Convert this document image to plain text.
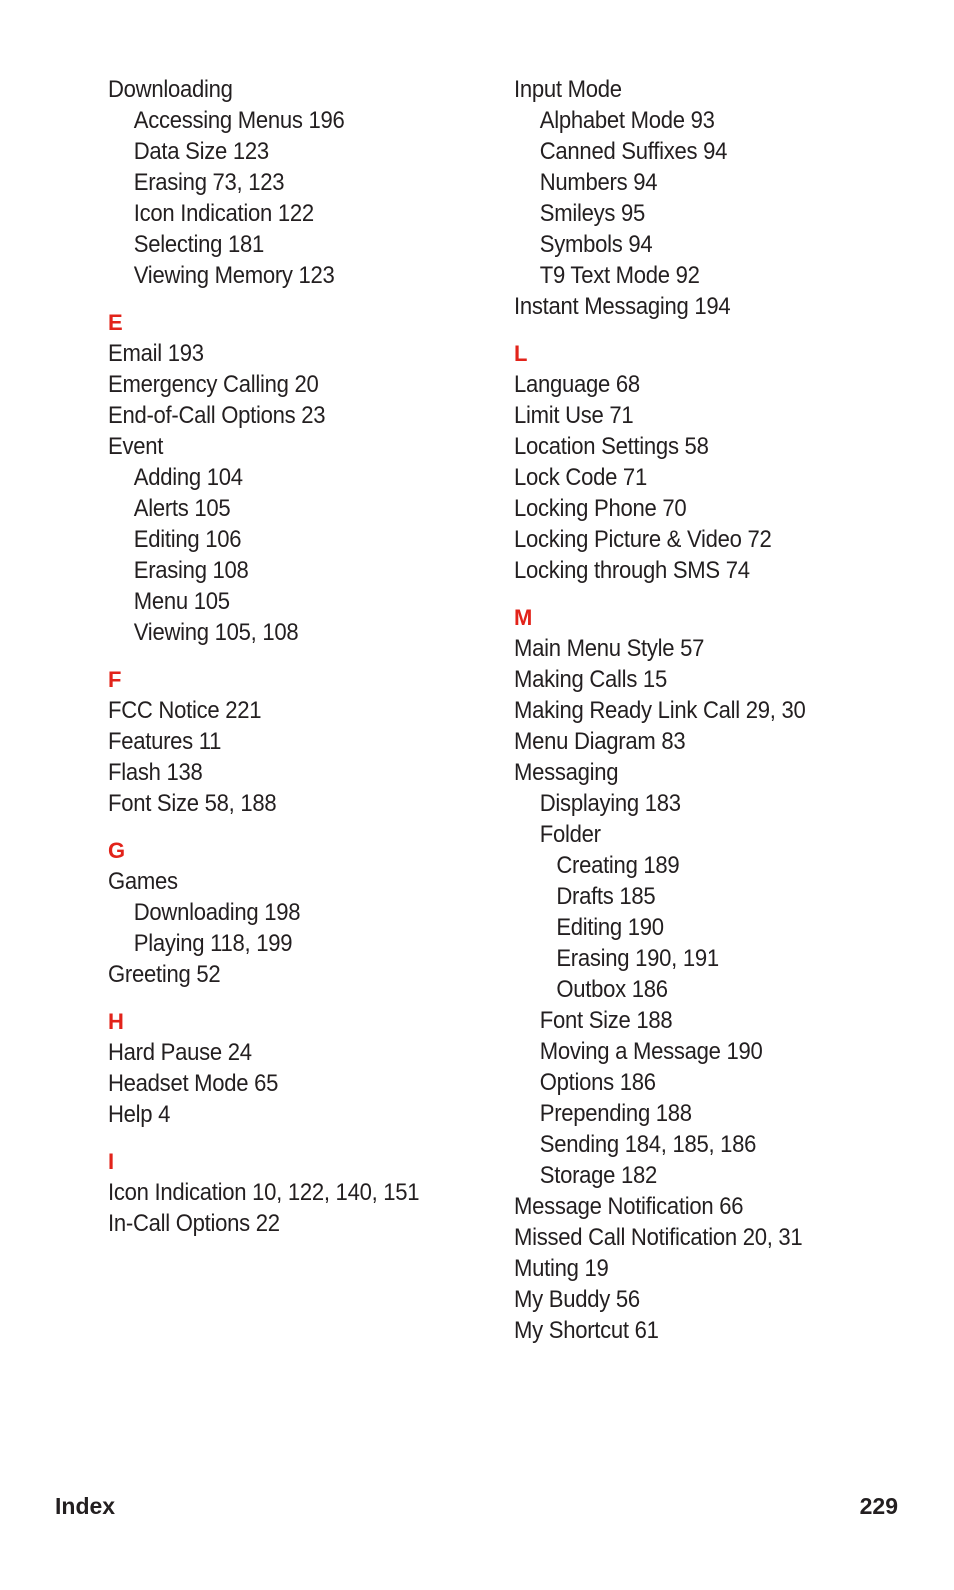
Downloading
Accessing Menus 196
Data Size 123
Erasing 73, 123
Icon Indication 122
Selecting 181
Viewing Memory 123
E
Email 193
Emergency Calling 20
End-of-Call Options 23
Event
Adding 104
Alerts 105
Editing 106
Erasing 108
Menu 105
Viewing 105, 108
F
FCC Notice 221
Features 11
Flash 138
Font Size 58, 188
G
Games
Downloading 198
Playing 118, 199
Greeting 52
H
Hard Pause 24
Headset Mode 65
Help 4
I
Icon Indication 10, 122, 140, 151
In-Call Options 22
Input Mode
Alphabet Mode 93
Canned Suffixes 94
Numbers 94
Smileys 95
Symbols 94
T9 Text Mode 92
Instant Messaging 194
L
Language 68
Limit Use 71
Location Settings 58
Lock Code 71
Locking Phone 70
Locking Picture & Video 72
Locking through SMS 74
M
Main Menu Style 57
Making Calls 15
Making Ready Link Call 29, 30
Menu Diagram 83
Messaging
Displaying 183
Folder
Creating 189
Drafts 185
Editing 190
Erasing 190, 191
Outbox 186
Font Size 188
Moving a Message 190
Options 186
Prepending 188
Sending 184, 185, 186
Storage 182
Message Notification 66
Missed Call Notification 20, 31
Muting 19
My Buddy 56
My Shortcut 61
Index	229
